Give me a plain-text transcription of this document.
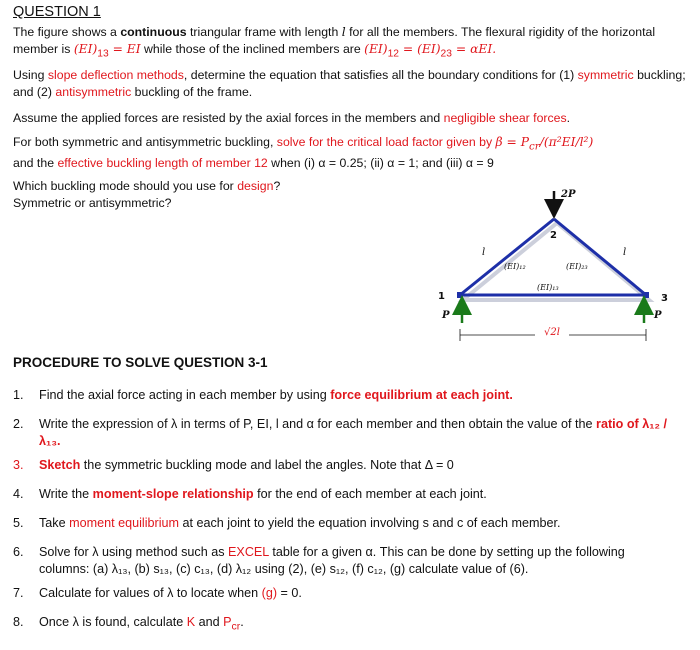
QUESTION 1
The figure shows a continuous triangular frame with length l for all the members. The flexural rigidity of the horizontal member is $(EI)_{13}$ = EI while those of the inclined members are $(EI)_{12} = (EI)_{23} = \alpha EI$.
Using slope deflection methods, determine the equation that satisfies all the boundary conditions for (1) symmetric buckling; and (2) antisymmetric buckling of the frame.
Assume the applied forces are resisted by the axial forces in the members and negligible shear forces.
For both symmetric and antisymmetric buckling, solve for the critical load factor given by $\beta = P_{cr}/(\pi^2EI/l^2)$
and the effective buckling length of member 12 when (i) α = 0.25; (ii) α = 1; and (iii) α = 9
Which buckling mode should you use for design?
Symmetric or antisymmetric?
2P
P	P
1
2
3
l	l
(EI)₁₂	(EI)₂₃
(EI)₁₃
√2l
PROCEDURE TO SOLVE QUESTION 3-1
1.	Find the axial force acting in each member by using force equilibrium at each joint.
2.	Write the expression of λ in terms of P, EI, l and α for each member and then obtain the value of the ratio of λ₁₂ / λ₁₃.
3.	Sketch the symmetric buckling mode and label the angles. Note that Δ = 0
4.	Write the moment-slope relationship for the end of each member at each joint.
5.	Take moment equilibrium at each joint to yield the equation involving s and c of each member.
6.	Solve for λ using method such as EXCEL table for a given α. This can be done by setting up the following columns: (a) λ₁₃, (b) s₁₃, (c) c₁₃, (d) λ₁₂ using (2), (e) s₁₂, (f) c₁₂, (g) calculate value of (6).
7.	Calculate for values of λ to locate when (g) = 0.
8.	Once λ is found, calculate K and $P_{cr}$.
